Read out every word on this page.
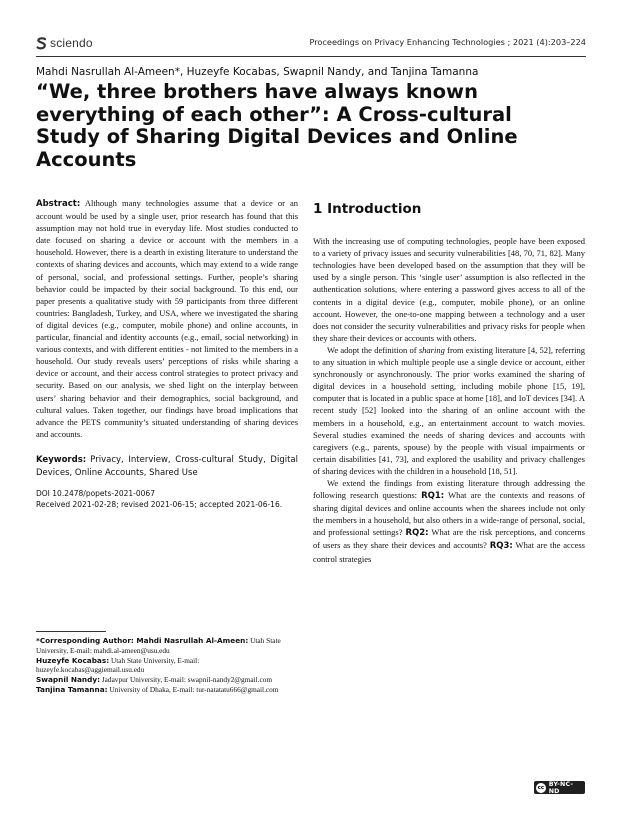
sciendo	Proceedings on Privacy Enhancing Technologies ; 2021 (4):203–224
Mahdi Nasrullah Al-Ameen*, Huzeyfe Kocabas, Swapnil Nandy, and Tanjina Tamanna
“We, three brothers have always known everything of each other”: A Cross-cultural Study of Sharing Digital Devices and Online Accounts
Abstract: Although many technologies assume that a device or an account would be used by a single user, prior research has found that this assumption may not hold true in everyday life. Most studies conducted to date focused on sharing a device or account with the members in a household. However, there is a dearth in existing literature to understand the contexts of sharing devices and accounts, which may extend to a wide range of personal, social, and professional settings. Further, people’s sharing behavior could be impacted by their social background. To this end, our paper presents a qualitative study with 59 participants from three different countries: Bangladesh, Turkey, and USA, where we investigated the sharing of digital devices (e.g., computer, mobile phone) and online accounts, in particular, financial and identity accounts (e.g., email, social networking) in various contexts, and with different entities - not limited to the members in a household. Our study reveals users’ perceptions of risks while sharing a device or account, and their access control strategies to protect privacy and security. Based on our analysis, we shed light on the interplay between users’ sharing behavior and their demographics, social background, and cultural values. Taken together, our findings have broad implications that advance the PETS community’s situated understanding of sharing devices and accounts.
Keywords: Privacy, Interview, Cross-cultural Study, Digital Devices, Online Accounts, Shared Use
DOI 10.2478/popets-2021-0067
Received 2021-02-28; revised 2021-06-15; accepted 2021-06-16.
*Corresponding Author: Mahdi Nasrullah Al-Ameen: Utah State University, E-mail: mahdi.al-ameen@usu.edu
Huzeyfe Kocabas: Utah State University, E-mail: huzeyfe.kocabas@aggiemail.usu.edu
Swapnil Nandy: Jadavpur University, E-mail: swapnil-nandy2@gmail.com
Tanjina Tamanna: University of Dhaka, E-mail: tur-natatatu666@gmail.com
1 Introduction

With the increasing use of computing technologies, people have been exposed to a variety of privacy issues and security vulnerabilities [48, 70, 71, 82]. Many technologies have been developed based on the assumption that they will be used by a single person. This ‘single user’ assumption is also reflected in the authentication solutions, where entering a password gives access to all of the contents in a digital device (e.g., computer, mobile phone), or an online account. However, the one-to-one mapping between a technology and a user does not consider the security vulnerabilities and privacy risks for people when they share their devices or accounts with others.

We adopt the definition of sharing from existing literature [4, 52], referring to any situation in which multiple people use a single device or account, either synchronously or asynchronously. The prior works examined the sharing of digital devices in a household setting, including mobile phone [15, 19], computer that is located in a public space at home [18], and IoT devices [34]. A recent study [52] looked into the sharing of an online account with the members in a household, e.g., an entertainment account to watch movies. Several studies examined the needs of sharing devices and accounts with caregivers (e.g., parents, spouse) by the people with visual impairments or certain disabilities [41, 73], and explored the usability and privacy challenges of sharing devices with the children in a household [18, 51].

We extend the findings from existing literature through addressing the following research questions: RQ1: What are the contexts and reasons of sharing digital devices and online accounts when the sharees include not only the members in a household, but also others in a wide-range of personal, social, and professional settings? RQ2: What are the risk perceptions, and concerns of users as they share their devices and accounts? RQ3: What are the access control strategies

cc BY-NC-ND
